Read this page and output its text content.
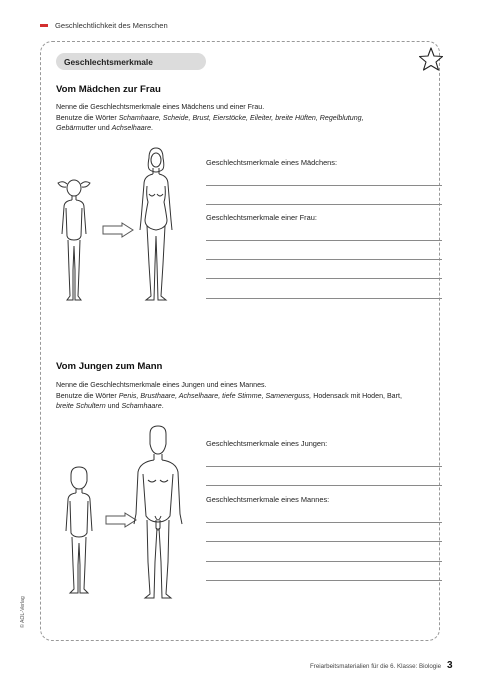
Geschlechtlichkeit des Menschen
Geschlechtsmerkmale
Vom Mädchen zur Frau
Nenne die Geschlechtsmerkmale eines Mädchens und einer Frau.
Benutze die Wörter Schamhaare, Scheide, Brust, Eierstöcke, Eileiter, breite Hüften, Regelblutung,
Gebärmutter und Achselhaare.
Geschlechtsmerkmale eines Mädchens:
Geschlechtsmerkmale einer Frau:
Vom Jungen zum Mann
Nenne die Geschlechtsmerkmale eines Jungen und eines Mannes.
Benutze die Wörter Penis, Brusthaare, Achselhaare, tiefe Stimme, Samenerguss, Hodensack mit Hoden, Bart,
breite Schultern und Schamhaare.
Geschlechtsmerkmale eines Jungen:
Geschlechtsmerkmale eines Mannes:
© AOL-Verlag
Freiarbeitsmaterialien für die 6. Klasse: Biologie 3
